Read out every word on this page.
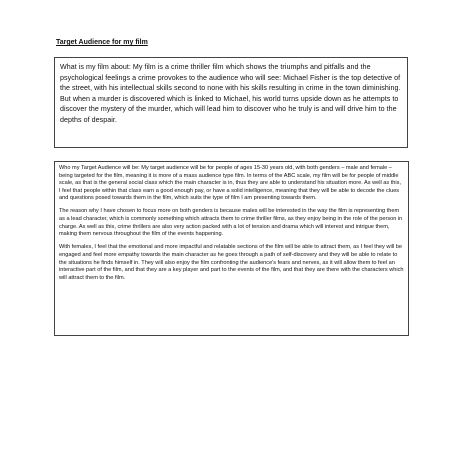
Target Audience for my film

What is my film about: My film is a crime thriller film which shows the triumphs and pitfalls and the psychological feelings a crime provokes to the audience who will see: Michael Fisher is the top detective of the street, with his intellectual skills second to none with his skills resulting in crime in the town diminishing. But when a murder is discovered which is linked to Michael, his world turns upside down as he attempts to discover the mystery of the murder, which will lead him to discover who he truly is and will drive him to the depths of despair.

Who my Target Audience will be: My target audience will be for people of ages 15-30 years old, with both genders – male and female – being targeted for the film, meaning it is more of a mass audience type film. In terms of the ABC scale, my film will be for people of middle scale, as that is the general social class which the main character is in, thus they are able to understand his situation more. As well as this, I feel that people within that class earn a good enough pay, or have a solid intelligence, meaning that they will be able to decode the clues and questions posed towards them in the film, which suits the type of film I am presenting towards them.

The reason why I have chosen to focus more on both genders is because males will be interested in the way the film is representing them as a lead character, which is commonly something which attracts them to crime thriller films, as they enjoy being in the role of the person in charge. As well as this, crime thrillers are also very action packed with a lot of tension and drama which will interest and intrigue them, making them nervous throughout the film of the events happening.

With females, I feel that the emotional and more impactful and relatable sections of the film will be able to attract them, as I feel they will be engaged and feel more empathy towards the main character as he goes through a path of self-discovery and they will be able to relate to the situations he finds himself in. They will also enjoy the film confronting the audience's fears and nerves, as it will allow them to feel an interactive part of the film, and that they are a key player and part to the events of the film, and that they are there with the characters which will attract them to the film.
